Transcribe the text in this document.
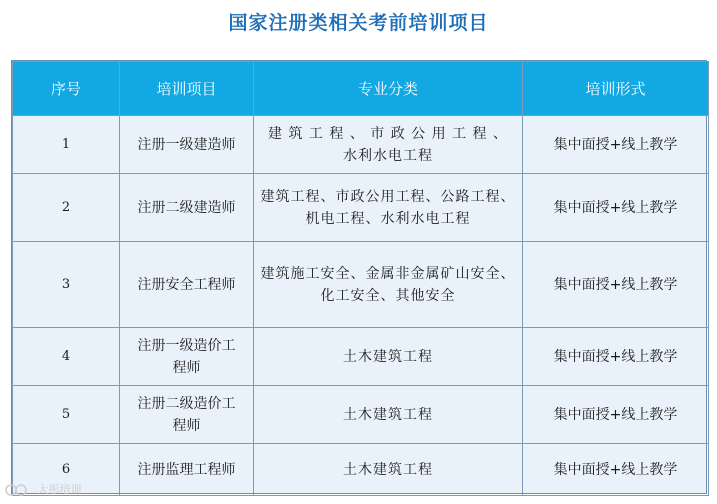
国家注册类相关考前培训项目
序号	培训项目	专业分类	培训形式
1	注册一级建造师	建 筑 工 程 、 市 政 公 用 工 程 、 水利水电工程	集中面授+线上教学
2	注册二级建造师	建筑工程、市政公用工程、公路工程、机电工程、水利水电工程	集中面授+线上教学
3	注册安全工程师	建筑施工安全、金属非金属矿山安全、 化工安全、其他安全	集中面授+线上教学
4	注册一级造价工程师	土木建筑工程	集中面授+线上教学
5	注册二级造价工程师	土木建筑工程	集中面授+线上教学
6	注册监理工程师	土木建筑工程	集中面授+线上教学
大彤培训
